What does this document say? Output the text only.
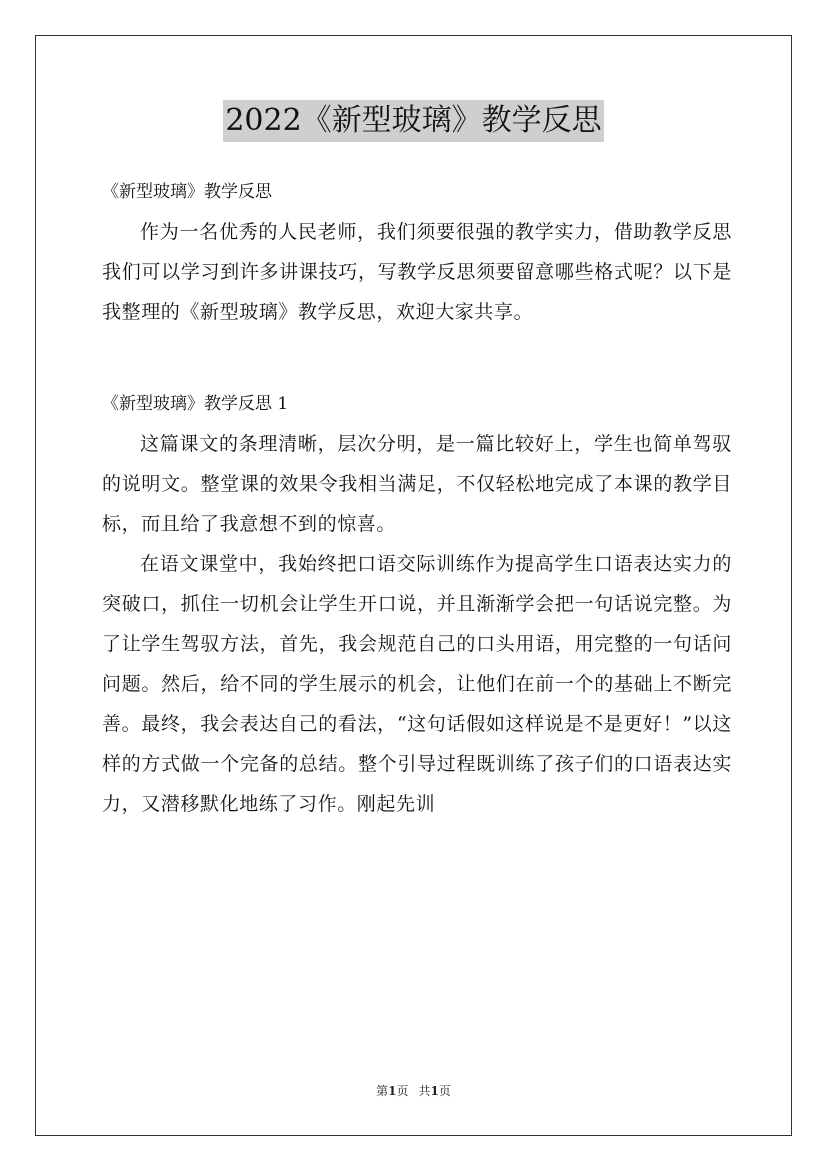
2022《新型玻璃》教学反思

《新型玻璃》教学反思

作为一名优秀的人民老师，我们须要很强的教学实力，借助教学反思我们可以学习到许多讲课技巧，写教学反思须要留意哪些格式呢？以下是我整理的《新型玻璃》教学反思，欢迎大家共享。

《新型玻璃》教学反思 1

这篇课文的条理清晰，层次分明，是一篇比较好上，学生也简单驾驭的说明文。整堂课的效果令我相当满足，不仅轻松地完成了本课的教学目标，而且给了我意想不到的惊喜。

在语文课堂中，我始终把口语交际训练作为提高学生口语表达实力的突破口，抓住一切机会让学生开口说，并且渐渐学会把一句话说完整。为了让学生驾驭方法，首先，我会规范自己的口头用语，用完整的一句话问问题。然后，给不同的学生展示的机会，让他们在前一个的基础上不断完善。最终，我会表达自己的看法，“这句话假如这样说是不是更好！”以这样的方式做一个完备的总结。整个引导过程既训练了孩子们的口语表达实力，又潜移默化地练了习作。刚起先训

第1页 共1页
